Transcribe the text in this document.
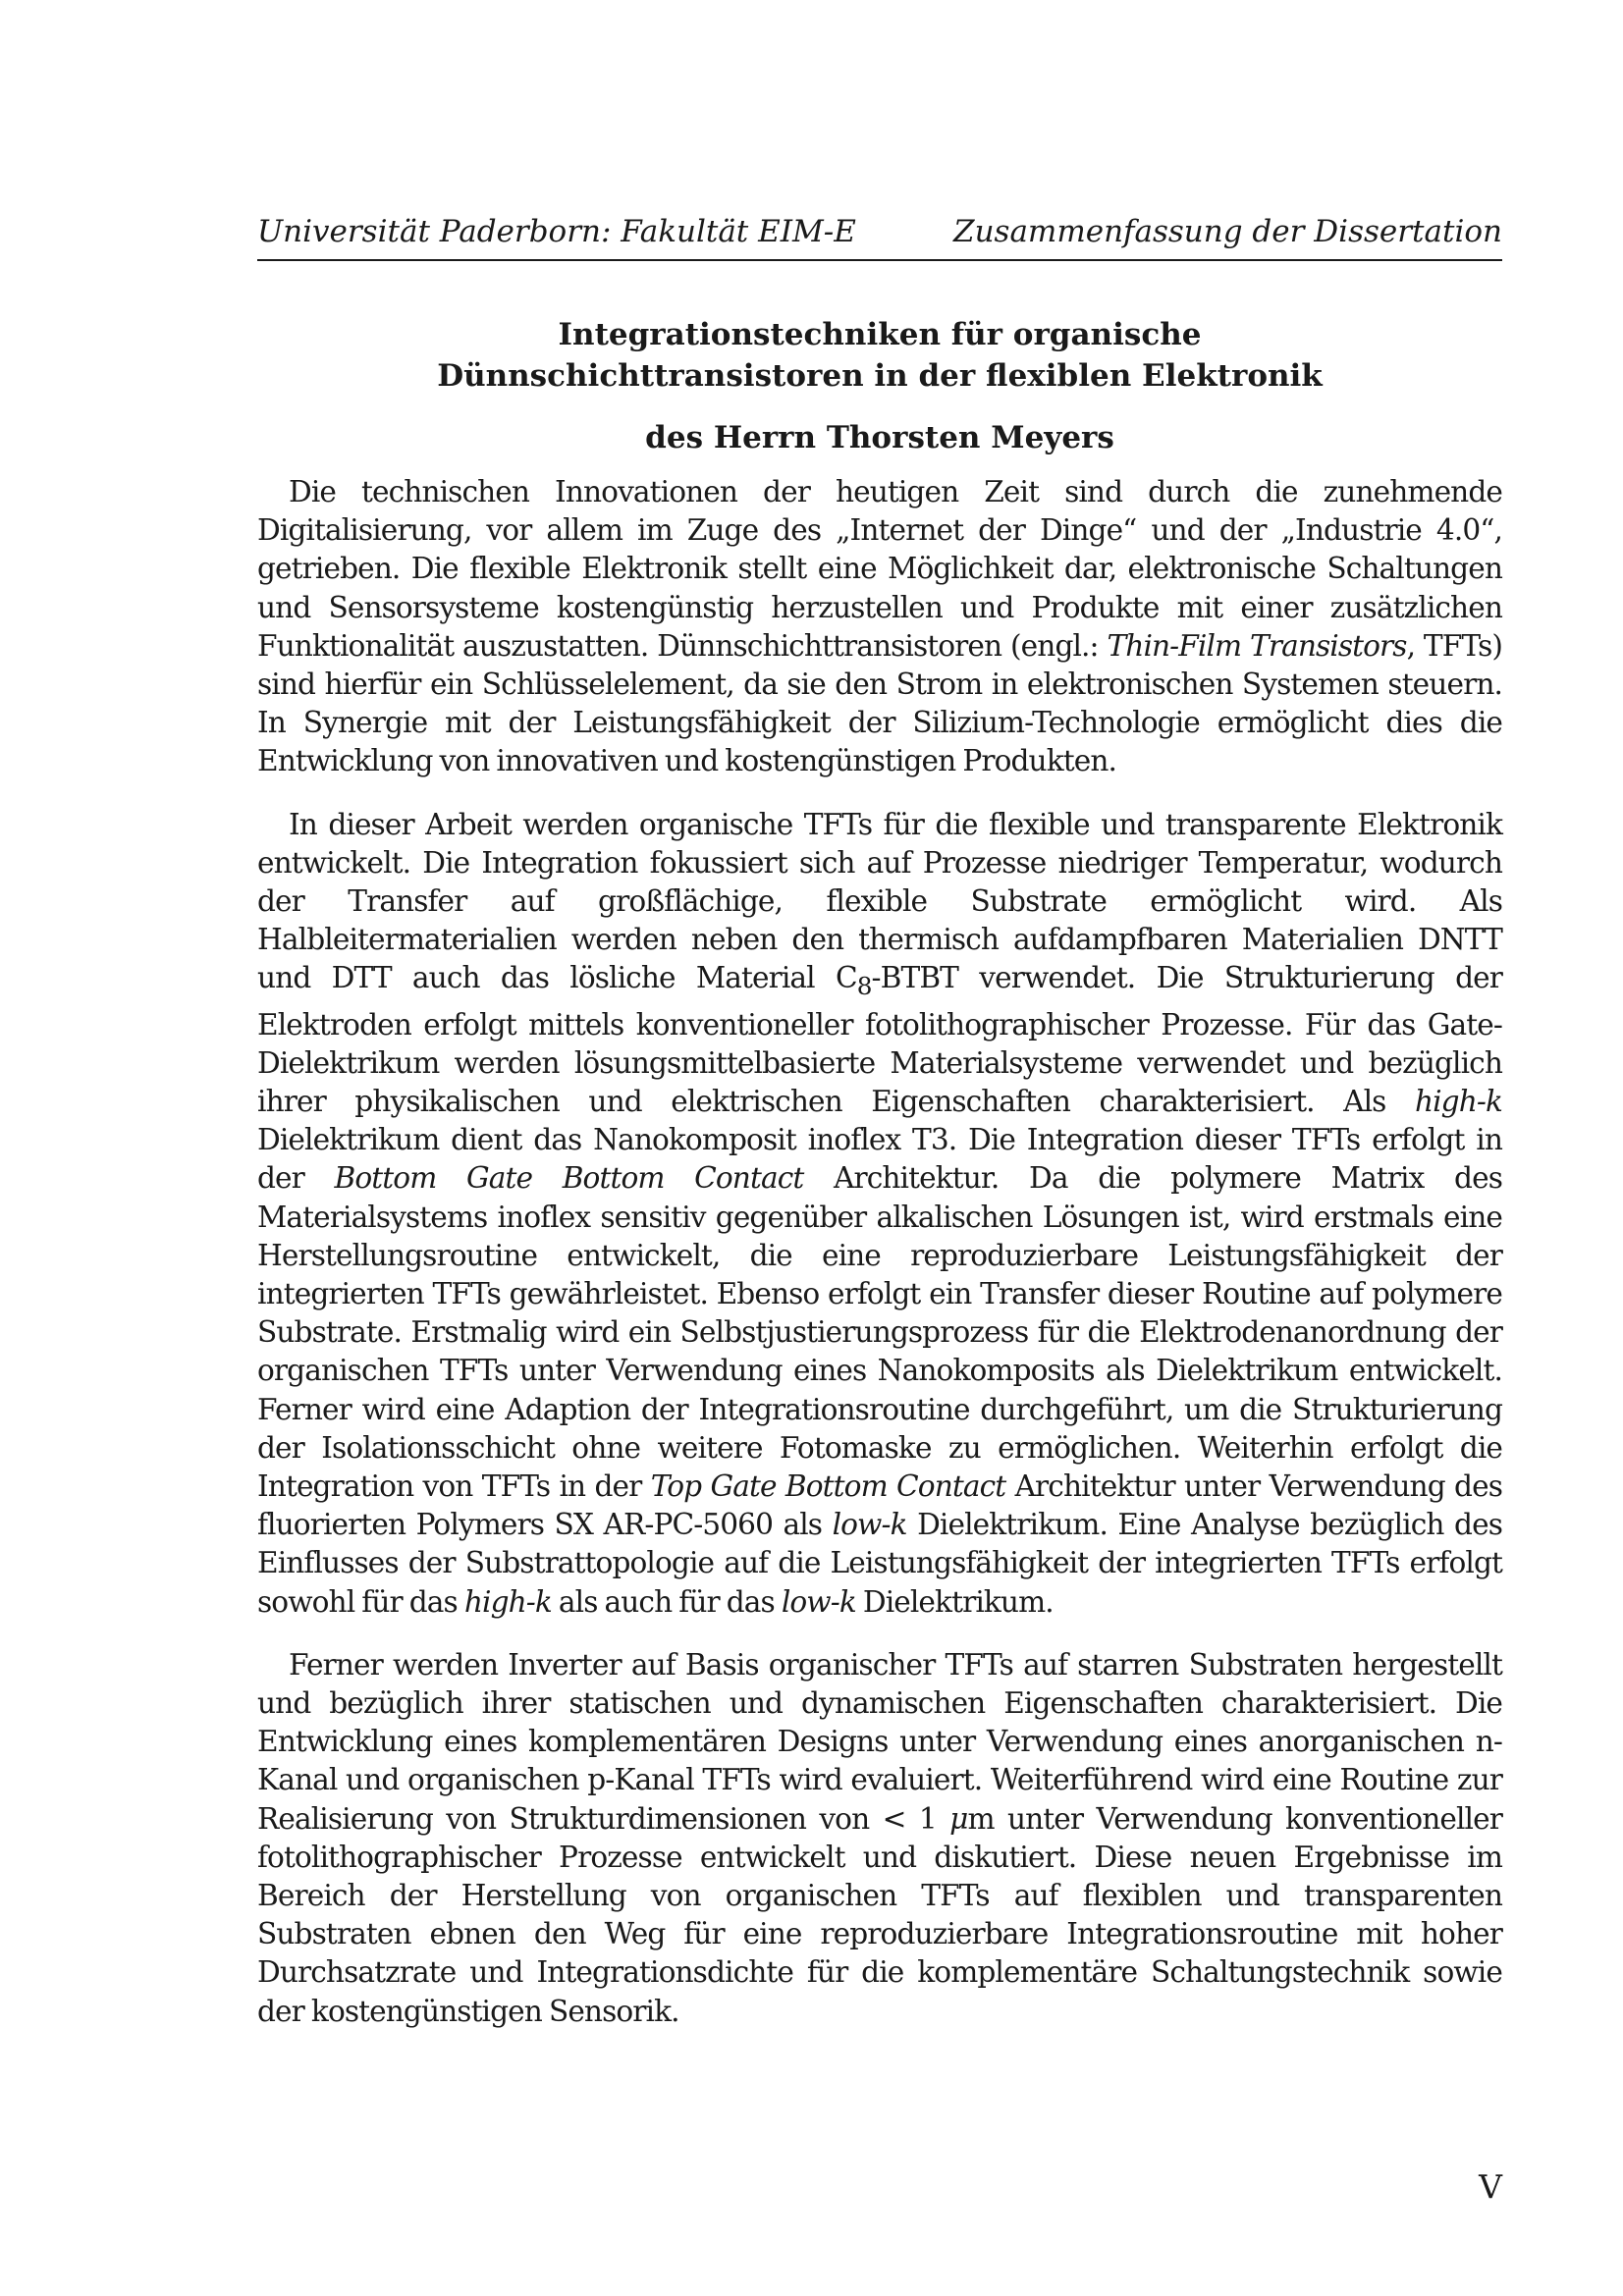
Universität Paderborn: Fakultät EIM-E	Zusammenfassung der Dissertation
Integrationstechniken für organische
Dünnschichttransistoren in der flexiblen Elektronik
des Herrn Thorsten Meyers

Die technischen Innovationen der heutigen Zeit sind durch die zunehmende Digitalisierung, vor allem im Zuge des „Internet der Dinge“ und der „Industrie 4.0“, getrieben. Die flexible Elektronik stellt eine Möglichkeit dar, elektronische Schaltungen und Sensorsysteme kostengünstig herzustellen und Produkte mit einer zusätzlichen Funktionalität auszustatten. Dünnschichttransistoren (engl.: Thin-Film Transistors, TFTs) sind hierfür ein Schlüsselelement, da sie den Strom in elektronischen Systemen steuern. In Synergie mit der Leistungsfähigkeit der Silizium-Technologie ermöglicht dies die Entwicklung von innovativen und kostengünstigen Produkten.

In dieser Arbeit werden organische TFTs für die flexible und transparente Elektronik entwickelt. Die Integration fokussiert sich auf Prozesse niedriger Temperatur, wodurch der Transfer auf großflächige, flexible Substrate ermöglicht wird. Als Halbleitermaterialien werden neben den thermisch aufdampfbaren Materialien DNTT und DTT auch das lösliche Material $C_8$-BTBT verwendet. Die Strukturierung der Elektroden erfolgt mittels konventioneller fotolithographischer Prozesse. Für das Gate-Dielektrikum werden lösungsmittelbasierte Materialsysteme verwendet und bezüglich ihrer physikalischen und elektrischen Eigenschaften charakterisiert. Als high-k Dielektrikum dient das Nanokomposit inoflex T3. Die Integration dieser TFTs erfolgt in der Bottom Gate Bottom Contact Architektur. Da die polymere Matrix des Materialsystems inoflex sensitiv gegenüber alkalischen Lösungen ist, wird erstmals eine Herstellungsroutine entwickelt, die eine reproduzierbare Leistungsfähigkeit der integrierten TFTs gewährleistet. Ebenso erfolgt ein Transfer dieser Routine auf polymere Substrate. Erstmalig wird ein Selbstjustierungsprozess für die Elektrodenanordnung der organischen TFTs unter Verwendung eines Nanokomposits als Dielektrikum entwickelt. Ferner wird eine Adaption der Integrationsroutine durchgeführt, um die Strukturierung der Isolationsschicht ohne weitere Fotomaske zu ermöglichen. Weiterhin erfolgt die Integration von TFTs in der Top Gate Bottom Contact Architektur unter Verwendung des fluorierten Polymers SX AR-PC-5060 als low-k Dielektrikum. Eine Analyse bezüglich des Einflusses der Substrattopologie auf die Leistungsfähigkeit der integrierten TFTs erfolgt sowohl für das high-k als auch für das low-k Dielektrikum.

Ferner werden Inverter auf Basis organischer TFTs auf starren Substraten hergestellt und bezüglich ihrer statischen und dynamischen Eigenschaften charakterisiert. Die Entwicklung eines komplementären Designs unter Verwendung eines anorganischen n-Kanal und organischen p-Kanal TFTs wird evaluiert. Weiterführend wird eine Routine zur Realisierung von Strukturdimensionen von < 1 μm unter Verwendung konventioneller fotolithographischer Prozesse entwickelt und diskutiert. Diese neuen Ergebnisse im Bereich der Herstellung von organischen TFTs auf flexiblen und transparenten Substraten ebnen den Weg für eine reproduzierbare Integrationsroutine mit hoher Durchsatzrate und Integrationsdichte für die komplementäre Schaltungstechnik sowie der kostengünstigen Sensorik.

V
